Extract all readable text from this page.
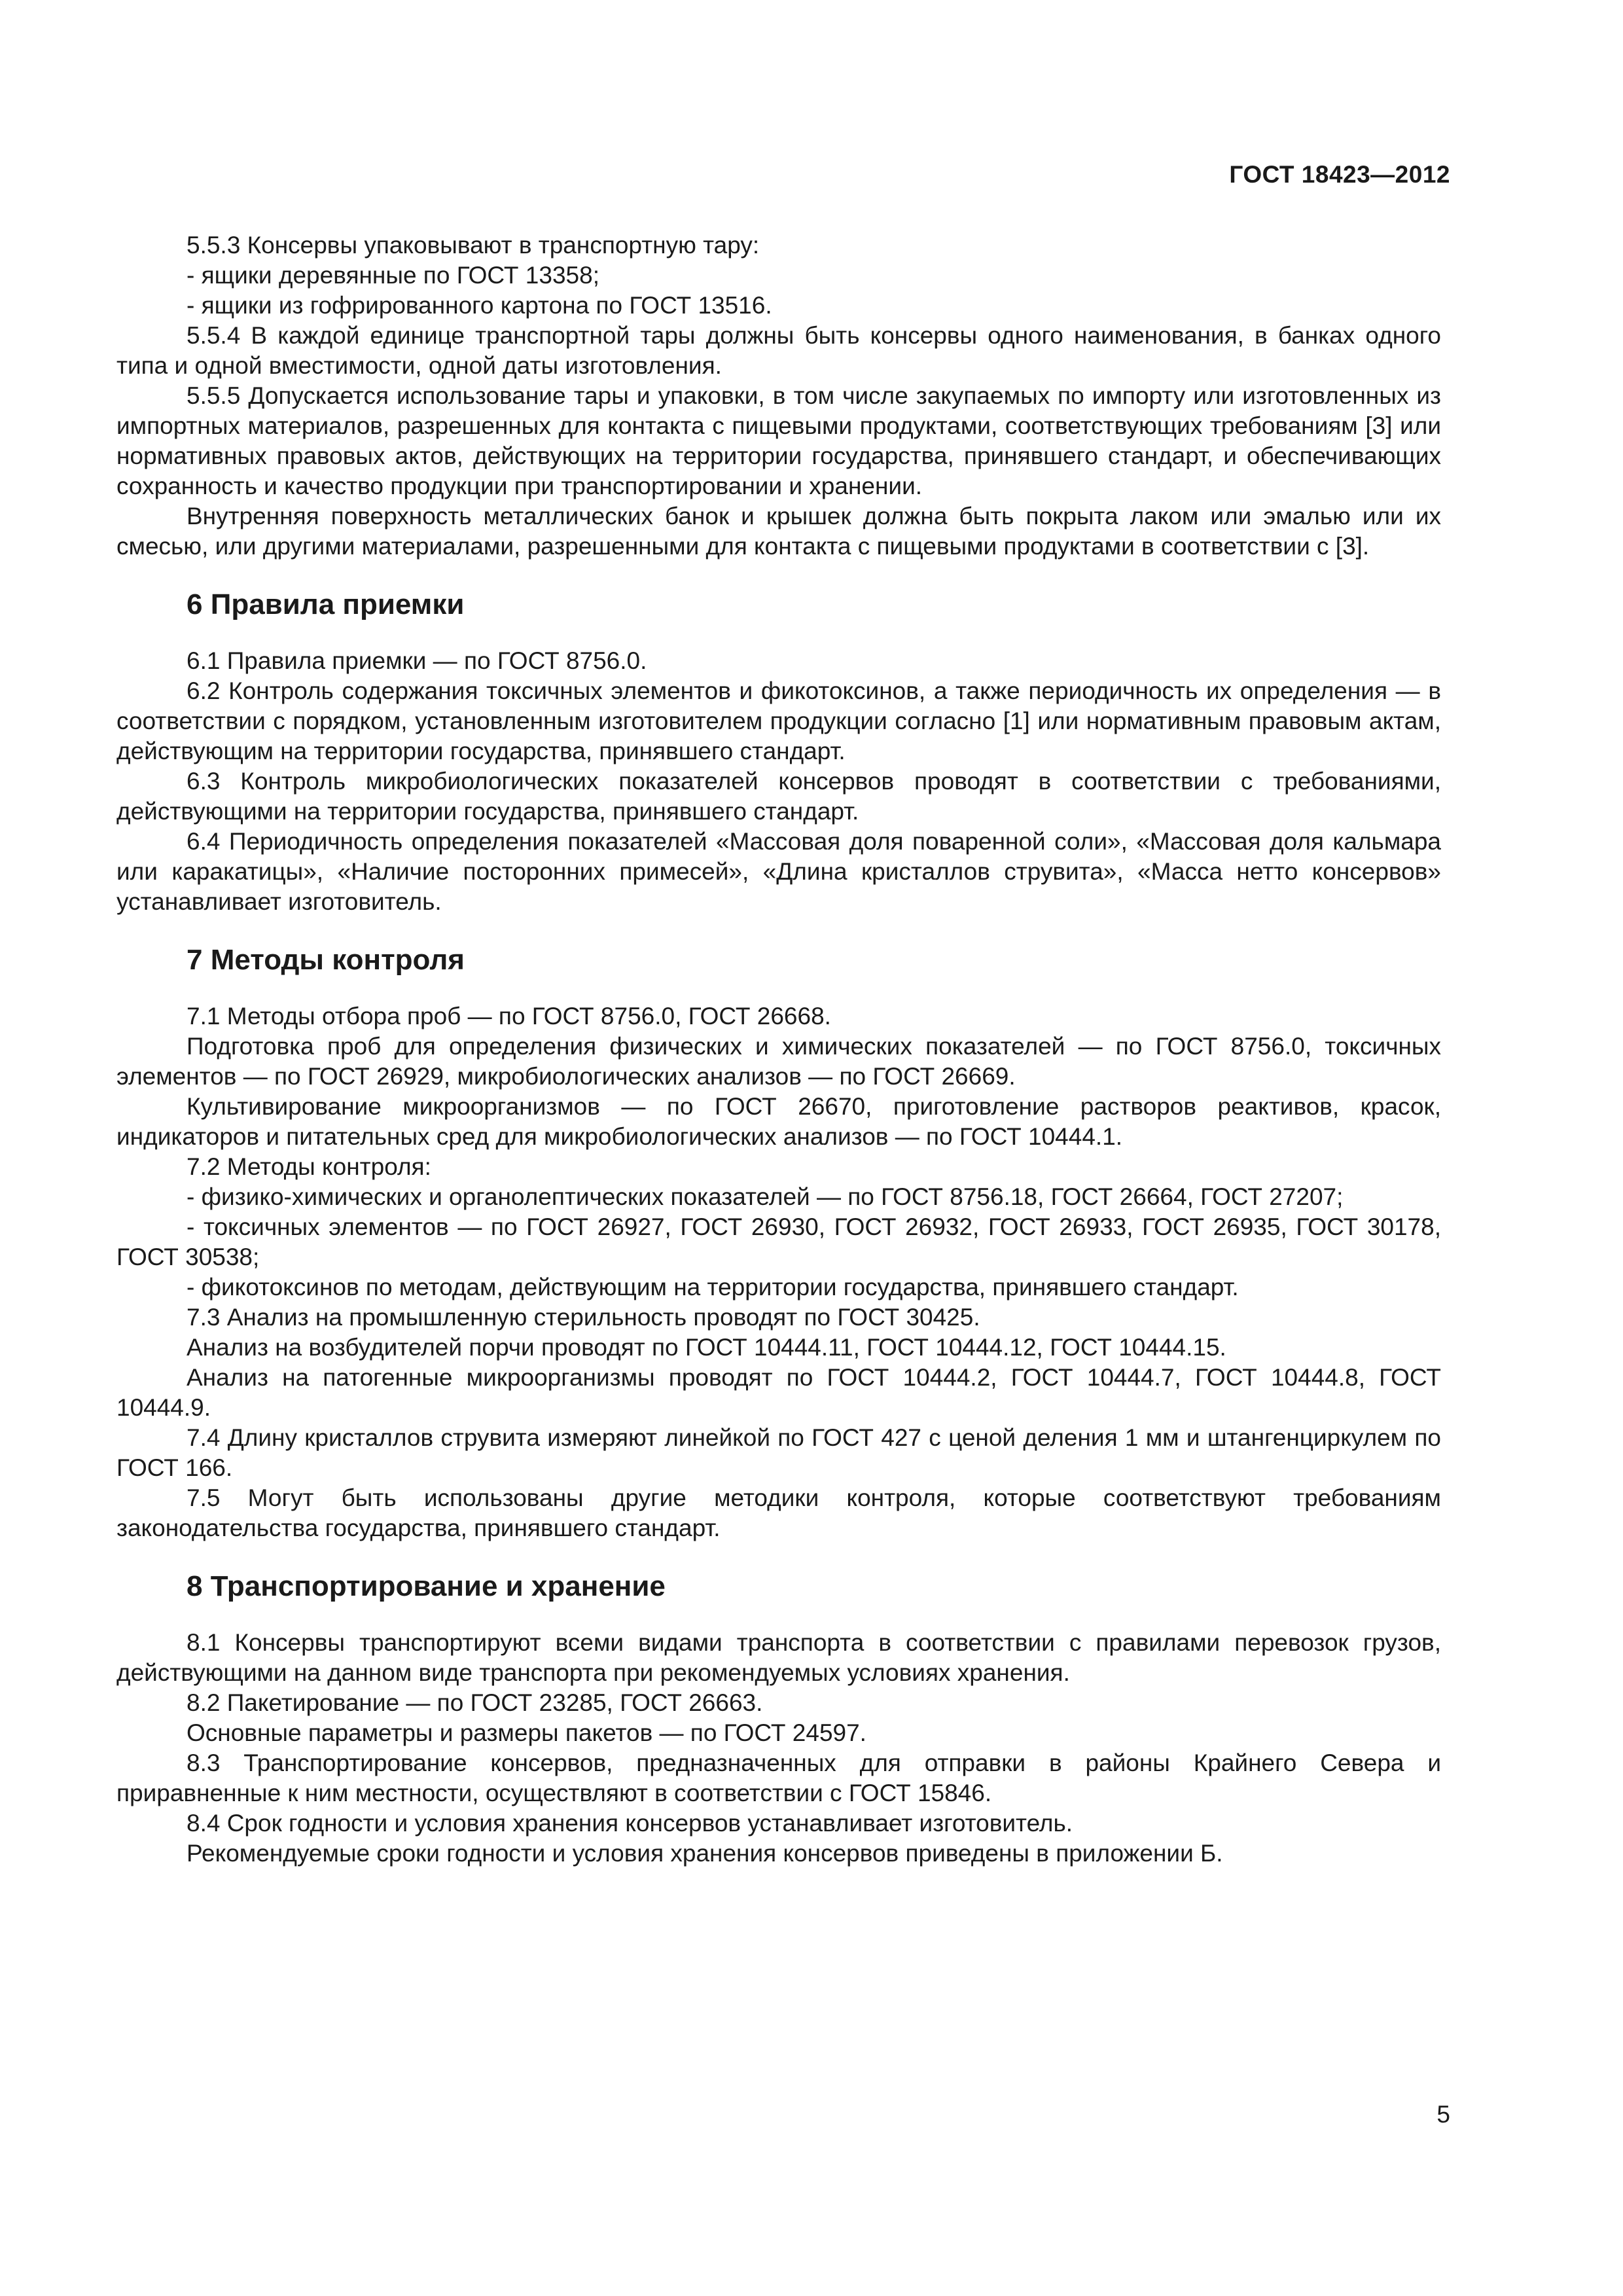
ГОСТ 18423—2012

5.5.3 Консервы упаковывают в транспортную тару:

- ящики деревянные по ГОСТ 13358;

- ящики из гофрированного картона по ГОСТ 13516.

5.5.4 В каждой единице транспортной тары должны быть консервы одного наименования, в банках одного типа и одной вместимости, одной даты изготовления.

5.5.5 Допускается использование тары и упаковки, в том числе закупаемых по импорту или изготовленных из импортных материалов, разрешенных для контакта с пищевыми продуктами, соответствующих требованиям [3] или нормативных правовых актов, действующих на территории государства, принявшего стандарт, и обеспечивающих сохранность и качество продукции при транспортировании и хранении.

Внутренняя поверхность металлических банок и крышек должна быть покрыта лаком или эмалью или их смесью, или другими материалами, разрешенными для контакта с пищевыми продуктами в соответствии с [3].

6 Правила приемки

6.1 Правила приемки — по ГОСТ 8756.0.

6.2 Контроль содержания токсичных элементов и фикотоксинов, а также периодичность их определения — в соответствии с порядком, установленным изготовителем продукции согласно [1] или нормативным правовым актам, действующим на территории государства, принявшего стандарт.

6.3 Контроль микробиологических показателей консервов проводят в соответствии с требованиями, действующими на территории государства, принявшего стандарт.

6.4 Периодичность определения показателей «Массовая доля поваренной соли», «Массовая доля кальмара или каракатицы», «Наличие посторонних примесей», «Длина кристаллов струвита», «Масса нетто консервов» устанавливает изготовитель.

7 Методы контроля

7.1 Методы отбора проб — по ГОСТ 8756.0, ГОСТ 26668.

Подготовка проб для определения физических и химических показателей — по ГОСТ 8756.0, токсичных элементов — по ГОСТ 26929, микробиологических анализов — по ГОСТ 26669.

Культивирование микроорганизмов — по ГОСТ 26670, приготовление растворов реактивов, красок, индикаторов и питательных сред для микробиологических анализов — по ГОСТ 10444.1.

7.2 Методы контроля:

- физико-химических и органолептических показателей — по ГОСТ 8756.18, ГОСТ 26664, ГОСТ 27207;

- токсичных элементов — по ГОСТ 26927, ГОСТ 26930, ГОСТ 26932, ГОСТ 26933, ГОСТ 26935, ГОСТ 30178, ГОСТ 30538;

- фикотоксинов по методам, действующим на территории государства, принявшего стандарт.

7.3 Анализ на промышленную стерильность проводят по ГОСТ 30425.

Анализ на возбудителей порчи проводят по ГОСТ 10444.11, ГОСТ 10444.12, ГОСТ 10444.15.

Анализ на патогенные микроорганизмы проводят по ГОСТ 10444.2, ГОСТ 10444.7, ГОСТ 10444.8, ГОСТ 10444.9.

7.4 Длину кристаллов струвита измеряют линейкой по ГОСТ 427 с ценой деления 1 мм и штангенциркулем по ГОСТ 166.

7.5 Могут быть использованы другие методики контроля, которые соответствуют требованиям законодательства государства, принявшего стандарт.

8 Транспортирование и хранение

8.1 Консервы транспортируют всеми видами транспорта в соответствии с правилами перевозок грузов, действующими на данном виде транспорта при рекомендуемых условиях хранения.

8.2 Пакетирование — по ГОСТ 23285, ГОСТ 26663.

Основные параметры и размеры пакетов — по ГОСТ 24597.

8.3 Транспортирование консервов, предназначенных для отправки в районы Крайнего Севера и приравненные к ним местности, осуществляют в соответствии с ГОСТ 15846.

8.4 Срок годности и условия хранения консервов устанавливает изготовитель.

Рекомендуемые сроки годности и условия хранения консервов приведены в приложении Б.

5
